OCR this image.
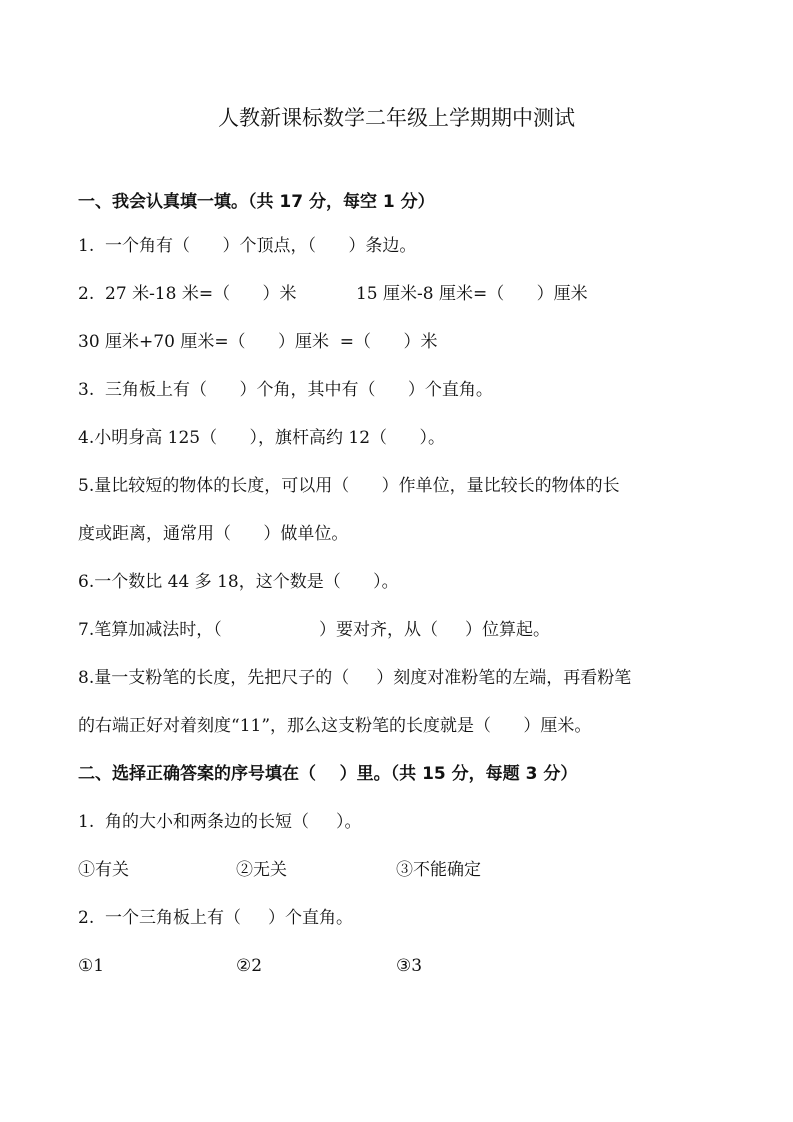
人教新课标数学二年级上学期期中测试
一、我会认真填一填。（共 17 分，每空 1 分）
1.  一个角有（      ）个顶点，（      ）条边。
2.  27 米-18 米=（      ）米           15 厘米-8 厘米=（      ）厘米
30 厘米+70 厘米=（      ）厘米  =（      ）米
3.  三角板上有（      ）个角，其中有（      ）个直角。
4.小明身高 125（      ），旗杆高约 12（      ）。
5.量比较短的物体的长度，可以用（      ）作单位，量比较长的物体的长
度或距离，通常用（      ）做单位。
6.一个数比 44 多 18，这个数是（      ）。
7.笔算加减法时，（                  ）要对齐，从（     ）位算起。
8.量一支粉笔的长度，先把尺子的（     ）刻度对准粉笔的左端，再看粉笔
的右端正好对着刻度“11”，那么这支粉笔的长度就是（      ）厘米。
二、选择正确答案的序号填在（    ）里。（共 15 分，每题 3 分）
1.  角的大小和两条边的长短（     ）。
①有关	②无关	③不能确定
2.  一个三角板上有（     ）个直角。
①1	②2	③3
